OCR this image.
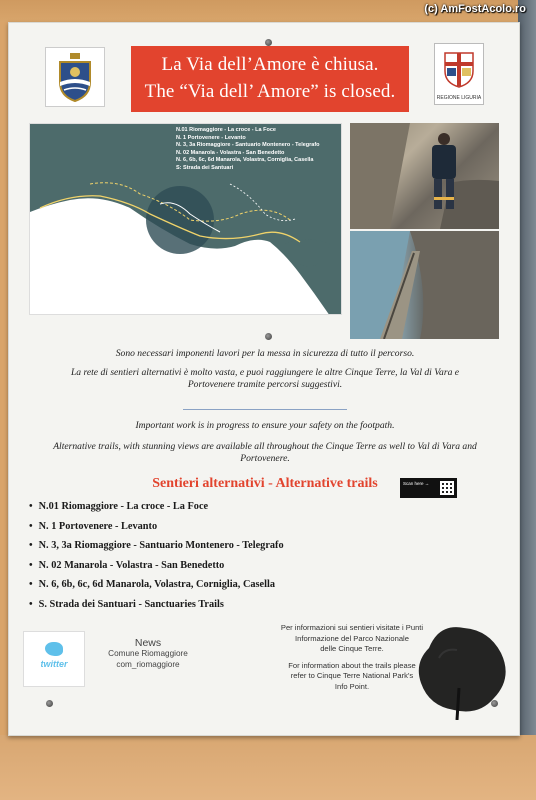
(c) AmFostAcolo.ro
La Via dell’Amore è chiusa.
The “Via dell’ Amore” is closed.	REGIONE LIGURIA
N.01 Riomaggiore - La croce - La Foce
N. 1 Portovenere - Levanto
N. 3, 3a Riomaggiore - Santuario Montenero - Telegrafo
N. 02 Manarola - Volastra - San Benedetto
N. 6, 6b, 6c, 6d Manarola, Volastra, Corniglia, Casella
S: Strada dei Santuari
Sono necessari imponenti lavori per la messa in sicurezza di tutto il percorso.
La rete di sentieri alternativi è molto vasta, e puoi raggiungere le altre Cinque Terre, la Val di Vara e
Portovenere tramite percorsi suggestivi.
Important work is in progress to ensure your safety on the footpath.
Alternative trails, with stunning views are available all throughout the Cinque Terre as well to Val di Vara and
Portovenere.
Sentieri alternativi - Alternative trails	Scan here →
• N.01 Riomaggiore - La croce - La Foce
• N. 1 Portovenere - Levanto
• N. 3, 3a Riomaggiore - Santuario Montenero - Telegrafo
• N. 02 Manarola - Volastra - San Benedetto
• N. 6, 6b, 6c, 6d Manarola, Volastra, Corniglia, Casella
• S. Strada dei Santuari - Sanctuaries Trails
twitter
News
Comune Riomaggiore
com_riomaggiore
Per informazioni sui sentieri visitate i Punti
Informazione del Parco Nazionale
delle Cinque Terre.
For information about the trails please
refer to Cinque Terre National Park's
Info Point.
